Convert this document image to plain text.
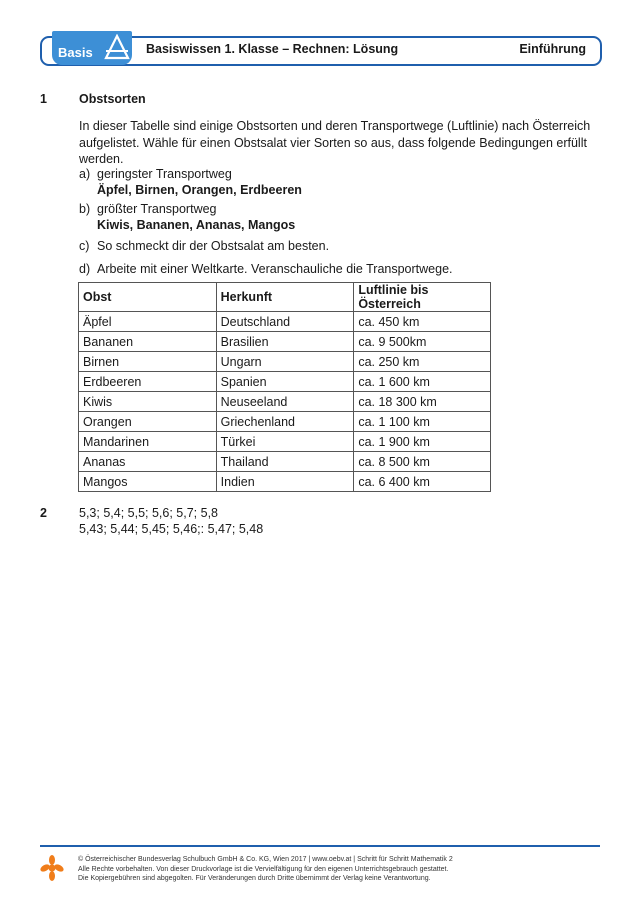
Basiswissen 1. Klasse – Rechnen: Lösung	Einführung
Basis
1	Obstsorten
In dieser Tabelle sind einige Obstsorten und deren Transportwege (Luftlinie) nach Österreich aufgelistet. Wähle für einen Obstsalat vier Sorten so aus, dass folgende Bedingungen erfüllt werden.
a) geringster Transportweg
Äpfel, Birnen, Orangen, Erdbeeren
b) größter Transportweg
Kiwis, Bananen, Ananas, Mangos
c) So schmeckt dir der Obstsalat am besten.
d) Arbeite mit einer Weltkarte. Veranschauliche die Transportwege.
Obst	Herkunft	Luftlinie bis Österreich
Äpfel	Deutschland	ca. 450 km
Bananen	Brasilien	ca. 9 500km
Birnen	Ungarn	ca. 250 km
Erdbeeren	Spanien	ca. 1 600 km
Kiwis	Neuseeland	ca. 18 300 km
Orangen	Griechenland	ca. 1 100 km
Mandarinen	Türkei	ca. 1 900 km
Ananas	Thailand	ca. 8 500 km
Mangos	Indien	ca. 6 400 km
2	5,3; 5,4; 5,5; 5,6; 5,7; 5,8
5,43; 5,44; 5,45; 5,46;: 5,47; 5,48
© Österreichischer Bundesverlag Schulbuch GmbH & Co. KG, Wien 2017 | www.oebv.at | Schritt für Schritt Mathematik 2
Alle Rechte vorbehalten. Von dieser Druckvorlage ist die Vervielfältigung für den eigenen Unterrichtsgebrauch gestattet.
Die Kopiergebühren sind abgegolten. Für Veränderungen durch Dritte übernimmt der Verlag keine Verantwortung.
